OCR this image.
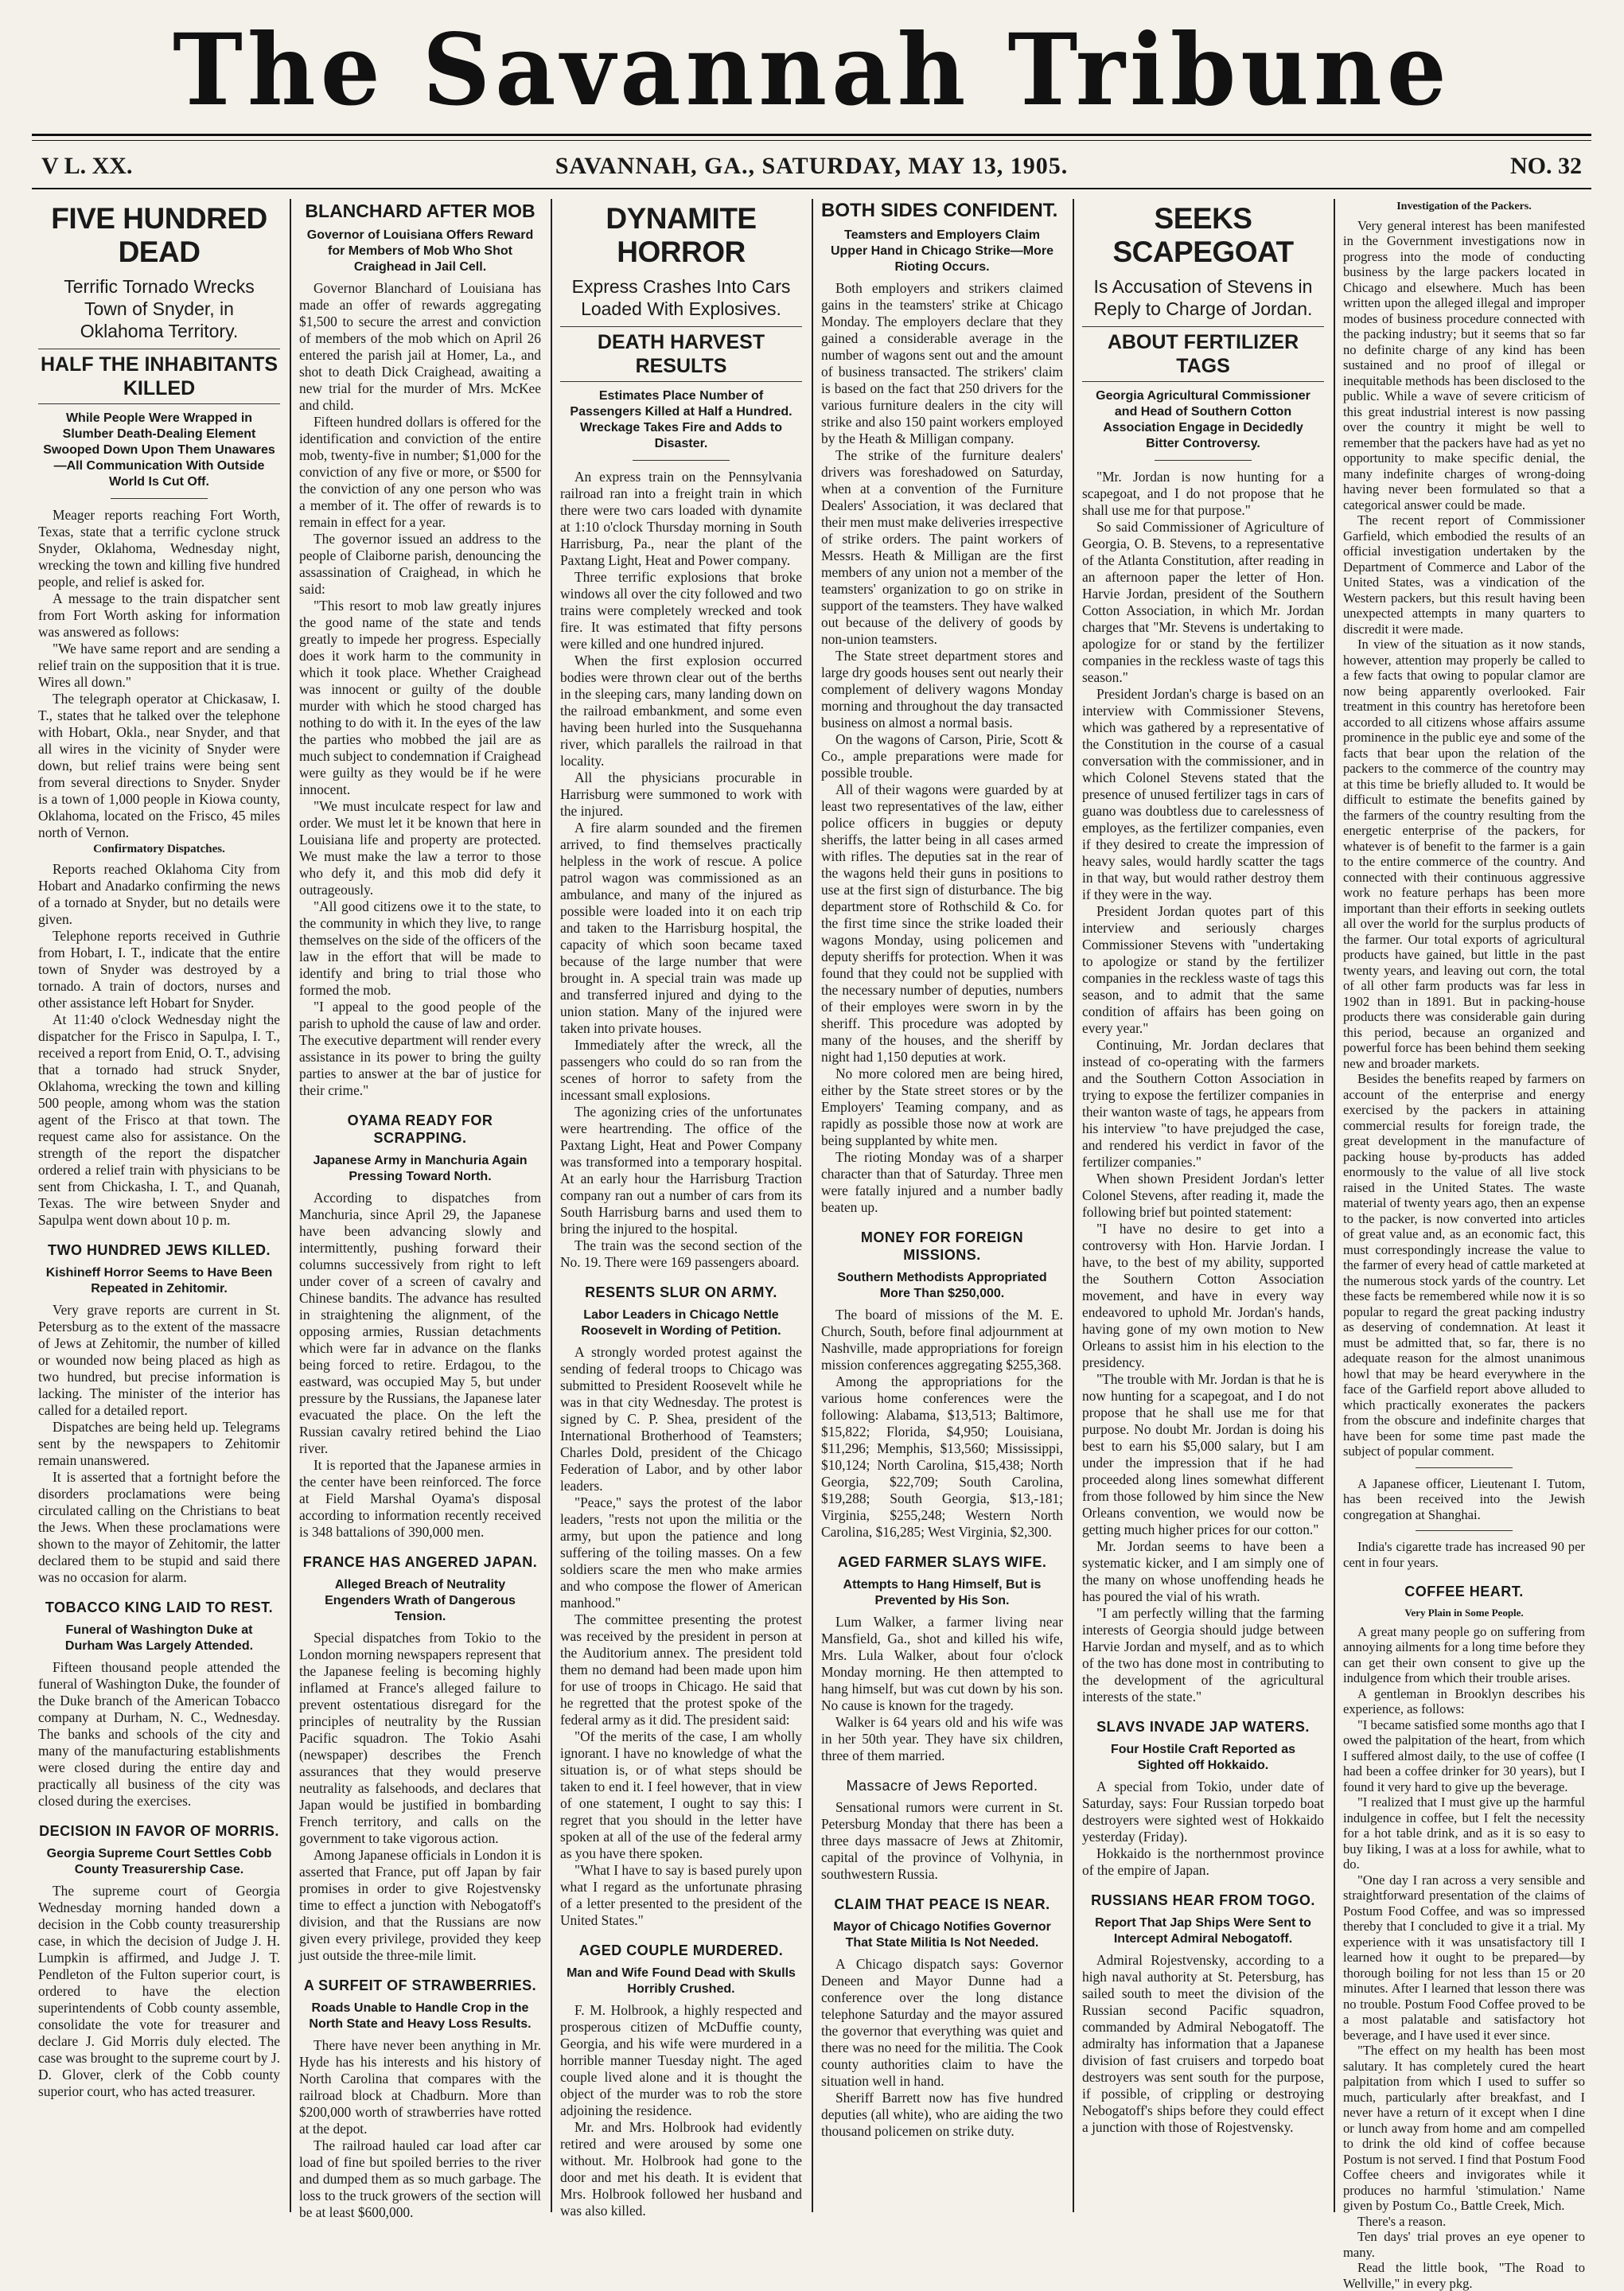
The Savannah Tribune
V L. XX.	SAVANNAH, GA., SATURDAY, MAY 13, 1905.	NO. 32
FIVE HUNDRED DEAD
Terrific Tornado Wrecks Town of Snyder, in Oklahoma Territory.
HALF THE INHABITANTS KILLED
While People Were Wrapped in Slumber Death-Dealing Element Swooped Down Upon Them Unawares—All Communication With Outside World Is Cut Off.

Meager reports reaching Fort Worth, Texas, state that a terrific cyclone struck Snyder, Oklahoma, Wednesday night, wrecking the town and killing five hundred people, and relief is asked for.

A message to the train dispatcher sent from Fort Worth asking for information was answered as follows:

"We have same report and are sending a relief train on the supposition that it is true. Wires all down."

The telegraph operator at Chickasaw, I. T., states that he talked over the telephone with Hobart, Okla., near Snyder, and that all wires in the vicinity of Snyder were down, but relief trains were being sent from several directions to Snyder. Snyder is a town of 1,000 people in Kiowa county, Oklahoma, located on the Frisco, 45 miles north of Vernon.

Confirmatory Dispatches.

Reports reached Oklahoma City from Hobart and Anadarko confirming the news of a tornado at Snyder, but no details were given.

Telephone reports received in Guthrie from Hobart, I. T., indicate that the entire town of Snyder was destroyed by a tornado. A train of doctors, nurses and other assistance left Hobart for Snyder.

At 11:40 o'clock Wednesday night the dispatcher for the Frisco in Sapulpa, I. T., received a report from Enid, O. T., advising that a tornado had struck Snyder, Oklahoma, wrecking the town and killing 500 people, among whom was the station agent of the Frisco at that town. The request came also for assistance. On the strength of the report the dispatcher ordered a relief train with physicians to be sent from Chickasha, I. T., and Quanah, Texas. The wire between Snyder and Sapulpa went down about 10 p. m.

TWO HUNDRED JEWS KILLED.
Kishineff Horror Seems to Have Been Repeated in Zehitomir.

Very grave reports are current in St. Petersburg as to the extent of the massacre of Jews at Zehitomir, the number of killed or wounded now being placed as high as two hundred, but precise information is lacking. The minister of the interior has called for a detailed report.

Dispatches are being held up. Telegrams sent by the newspapers to Zehitomir remain unanswered.

It is asserted that a fortnight before the disorders proclamations were being circulated calling on the Christians to beat the Jews. When these proclamations were shown to the mayor of Zehitomir, the latter declared them to be stupid and said there was no occasion for alarm.

TOBACCO KING LAID TO REST.
Funeral of Washington Duke at Durham Was Largely Attended.

Fifteen thousand people attended the funeral of Washington Duke, the founder of the Duke branch of the American Tobacco company at Durham, N. C., Wednesday. The banks and schools of the city and many of the manufacturing establishments were closed during the entire day and practically all business of the city was closed during the exercises.

DECISION IN FAVOR OF MORRIS.
Georgia Supreme Court Settles Cobb County Treasurership Case.

The supreme court of Georgia Wednesday morning handed down a decision in the Cobb county treasurership case, in which the decision of Judge J. H. Lumpkin is affirmed, and Judge J. T. Pendleton of the Fulton superior court, is ordered to have the election superintendents of Cobb county assemble, consolidate the vote for treasurer and declare J. Gid Morris duly elected. The case was brought to the supreme court by J. D. Glover, clerk of the Cobb county superior court, who has acted treasurer.

BLANCHARD AFTER MOB
Governor of Louisiana Offers Reward for Members of Mob Who Shot Craighead in Jail Cell.

Governor Blanchard of Louisiana has made an offer of rewards aggregating $1,500 to secure the arrest and conviction of members of the mob which on April 26 entered the parish jail at Homer, La., and shot to death Dick Craighead, awaiting a new trial for the murder of Mrs. McKee and child.

Fifteen hundred dollars is offered for the identification and conviction of the entire mob, twenty-five in number; $1,000 for the conviction of any five or more, or $500 for the conviction of any one person who was a member of it. The offer of rewards is to remain in effect for a year.

The governor issued an address to the people of Claiborne parish, denouncing the assassination of Craighead, in which he said:

"This resort to mob law greatly injures the good name of the state and tends greatly to impede her progress. Especially does it work harm to the community in which it took place. Whether Craighead was innocent or guilty of the double murder with which he stood charged has nothing to do with it. In the eyes of the law the parties who mobbed the jail are as much subject to condemnation if Craighead were guilty as they would be if he were innocent.

"We must inculcate respect for law and order. We must let it be known that here in Louisiana life and property are protected. We must make the law a terror to those who defy it, and this mob did defy it outrageously.

"All good citizens owe it to the state, to the community in which they live, to range themselves on the side of the officers of the law in the effort that will be made to identify and bring to trial those who formed the mob.

"I appeal to the good people of the parish to uphold the cause of law and order. The executive department will render every assistance in its power to bring the guilty parties to answer at the bar of justice for their crime."

OYAMA READY FOR SCRAPPING.
Japanese Army in Manchuria Again Pressing Toward North.

According to dispatches from Manchuria, since April 29, the Japanese have been advancing slowly and intermittently, pushing forward their columns successively from right to left under cover of a screen of cavalry and Chinese bandits. The advance has resulted in straightening the alignment, of the opposing armies, Russian detachments which were far in advance on the flanks being forced to retire. Erdagou, to the eastward, was occupied May 5, but under pressure by the Russians, the Japanese later evacuated the place. On the left the Russian cavalry retired behind the Liao river.

It is reported that the Japanese armies in the center have been reinforced. The force at Field Marshal Oyama's disposal according to information recently received is 348 battalions of 390,000 men.

FRANCE HAS ANGERED JAPAN.
Alleged Breach of Neutrality Engenders Wrath of Dangerous Tension.

Special dispatches from Tokio to the London morning newspapers represent that the Japanese feeling is becoming highly inflamed at France's alleged failure to prevent ostentatious disregard for the principles of neutrality by the Russian Pacific squadron. The Tokio Asahi (newspaper) describes the French assurances that they would preserve neutrality as falsehoods, and declares that Japan would be justified in bombarding French territory, and calls on the government to take vigorous action.

Among Japanese officials in London it is asserted that France, put off Japan by fair promises in order to give Rojestvensky time to effect a junction with Nebogatoff's division, and that the Russians are now given every privilege, provided they keep just outside the three-mile limit.

A SURFEIT OF STRAWBERRIES.
Roads Unable to Handle Crop in the North State and Heavy Loss Results.

There have never been anything in Mr. Hyde has his interests and his history of North Carolina that compares with the railroad block at Chadburn. More than $200,000 worth of strawberries have rotted at the depot.

The railroad hauled car load after car load of fine but spoiled berries to the river and dumped them as so much garbage. The loss to the truck growers of the section will be at least $600,000.

DYNAMITE HORROR
Express Crashes Into Cars Loaded With Explosives.
DEATH HARVEST RESULTS
Estimates Place Number of Passengers Killed at Half a Hundred. Wreckage Takes Fire and Adds to Disaster.

An express train on the Pennsylvania railroad ran into a freight train in which there were two cars loaded with dynamite at 1:10 o'clock Thursday morning in South Harrisburg, Pa., near the plant of the Paxtang Light, Heat and Power company.

Three terrific explosions that broke windows all over the city followed and two trains were completely wrecked and took fire. It was estimated that fifty persons were killed and one hundred injured.

When the first explosion occurred bodies were thrown clear out of the berths in the sleeping cars, many landing down on the railroad embankment, and some even having been hurled into the Susquehanna river, which parallels the railroad in that locality.

All the physicians procurable in Harrisburg were summoned to work with the injured.

A fire alarm sounded and the firemen arrived, to find themselves practically helpless in the work of rescue. A police patrol wagon was commissioned as an ambulance, and many of the injured as possible were loaded into it on each trip and taken to the Harrisburg hospital, the capacity of which soon became taxed because of the large number that were brought in. A special train was made up and transferred injured and dying to the union station. Many of the injured were taken into private houses.

Immediately after the wreck, all the passengers who could do so ran from the scenes of horror to safety from the incessant small explosions.

The agonizing cries of the unfortunates were heartrending. The office of the Paxtang Light, Heat and Power Company was transformed into a temporary hospital. At an early hour the Harrisburg Traction company ran out a number of cars from its South Harrisburg barns and used them to bring the injured to the hospital.

The train was the second section of the No. 19. There were 169 passengers aboard.

RESENTS SLUR ON ARMY.
Labor Leaders in Chicago Nettle Roosevelt in Wording of Petition.

A strongly worded protest against the sending of federal troops to Chicago was submitted to President Roosevelt while he was in that city Wednesday. The protest is signed by C. P. Shea, president of the International Brotherhood of Teamsters; Charles Dold, president of the Chicago Federation of Labor, and by other labor leaders.

"Peace," says the protest of the labor leaders, "rests not upon the militia or the army, but upon the patience and long suffering of the toiling masses. On a few soldiers scare the men who make armies and who compose the flower of American manhood."

The committee presenting the protest was received by the president in person at the Auditorium annex. The president told them no demand had been made upon him for use of troops in Chicago. He said that he regretted that the protest spoke of the federal army as it did. The president said:

"Of the merits of the case, I am wholly ignorant. I have no knowledge of what the situation is, or of what steps should be taken to end it. I feel however, that in view of one statement, I ought to say this: I regret that you should in the letter have spoken at all of the use of the federal army as you have there spoken.

"What I have to say is based purely upon what I regard as the unfortunate phrasing of a letter presented to the president of the United States."

AGED COUPLE MURDERED.
Man and Wife Found Dead with Skulls Horribly Crushed.

F. M. Holbrook, a highly respected and prosperous citizen of McDuffie county, Georgia, and his wife were murdered in a horrible manner Tuesday night. The aged couple lived alone and it is thought the object of the murder was to rob the store adjoining the residence.

Mr. and Mrs. Holbrook had evidently retired and were aroused by some one without. Mr. Holbrook had gone to the door and met his death. It is evident that Mrs. Holbrook followed her husband and was also killed.

BOTH SIDES CONFIDENT.
Teamsters and Employers Claim Upper Hand in Chicago Strike—More Rioting Occurs.

Both employers and strikers claimed gains in the teamsters' strike at Chicago Monday. The employers declare that they gained a considerable average in the number of wagons sent out and the amount of business transacted. The strikers' claim is based on the fact that 250 drivers for the various furniture dealers in the city will strike and also 150 paint workers employed by the Heath & Milligan company.

The strike of the furniture dealers' drivers was foreshadowed on Saturday, when at a convention of the Furniture Dealers' Association, it was declared that their men must make deliveries irrespective of strike orders. The paint workers of Messrs. Heath & Milligan are the first members of any union not a member of the teamsters' organization to go on strike in support of the teamsters. They have walked out because of the delivery of goods by non-union teamsters.

The State street department stores and large dry goods houses sent out nearly their complement of delivery wagons Monday morning and throughout the day transacted business on almost a normal basis.

On the wagons of Carson, Pirie, Scott & Co., ample preparations were made for possible trouble.

All of their wagons were guarded by at least two representatives of the law, either police officers in buggies or deputy sheriffs, the latter being in all cases armed with rifles. The deputies sat in the rear of the wagons held their guns in positions to use at the first sign of disturbance. The big department store of Rothschild & Co. for the first time since the strike loaded their wagons Monday, using policemen and deputy sheriffs for protection. When it was found that they could not be supplied with the necessary number of deputies, numbers of their employes were sworn in by the sheriff. This procedure was adopted by many of the houses, and the sheriff by night had 1,150 deputies at work.

No more colored men are being hired, either by the State street stores or by the Employers' Teaming company, and as rapidly as possible those now at work are being supplanted by white men.

The rioting Monday was of a sharper character than that of Saturday. Three men were fatally injured and a number badly beaten up.

MONEY FOR FOREIGN MISSIONS.
Southern Methodists Appropriated More Than $250,000.

The board of missions of the M. E. Church, South, before final adjournment at Nashville, made appropriations for foreign mission conferences aggregating $255,368.

Among the appropriations for the various home conferences were the following: Alabama, $13,513; Baltimore, $15,822; Florida, $4,950; Louisiana, $11,296; Memphis, $13,560; Mississippi, $10,124; North Carolina, $15,438; North Georgia, $22,709; South Carolina, $19,288; South Georgia, $13,-181; Virginia, $255,248; Western North Carolina, $16,285; West Virginia, $2,300.

AGED FARMER SLAYS WIFE.
Attempts to Hang Himself, But is Prevented by His Son.

Lum Walker, a farmer living near Mansfield, Ga., shot and killed his wife, Mrs. Lula Walker, about four o'clock Monday morning. He then attempted to hang himself, but was cut down by his son. No cause is known for the tragedy.

Walker is 64 years old and his wife was in her 50th year. They have six children, three of them married.

Massacre of Jews Reported.

Sensational rumors were current in St. Petersburg Monday that there has been a three days massacre of Jews at Zhitomir, capital of the province of Volhynia, in southwestern Russia.

CLAIM THAT PEACE IS NEAR.
Mayor of Chicago Notifies Governor That State Militia Is Not Needed.

A Chicago dispatch says: Governor Deneen and Mayor Dunne had a conference over the long distance telephone Saturday and the mayor assured the governor that everything was quiet and there was no need for the militia. The Cook county authorities claim to have the situation well in hand.

Sheriff Barrett now has five hundred deputies (all white), who are aiding the two thousand policemen on strike duty.

SEEKS SCAPEGOAT
Is Accusation of Stevens in Reply to Charge of Jordan.
ABOUT FERTILIZER TAGS
Georgia Agricultural Commissioner and Head of Southern Cotton Association Engage in Decidedly Bitter Controversy.

"Mr. Jordan is now hunting for a scapegoat, and I do not propose that he shall use me for that purpose."

So said Commissioner of Agriculture of Georgia, O. B. Stevens, to a representative of the Atlanta Constitution, after reading in an afternoon paper the letter of Hon. Harvie Jordan, president of the Southern Cotton Association, in which Mr. Jordan charges that "Mr. Stevens is undertaking to apologize for or stand by the fertilizer companies in the reckless waste of tags this season."

President Jordan's charge is based on an interview with Commissioner Stevens, which was gathered by a representative of the Constitution in the course of a casual conversation with the commissioner, and in which Colonel Stevens stated that the presence of unused fertilizer tags in cars of guano was doubtless due to carelessness of employes, as the fertilizer companies, even if they desired to create the impression of heavy sales, would hardly scatter the tags in that way, but would rather destroy them if they were in the way.

President Jordan quotes part of this interview and seriously charges Commissioner Stevens with "undertaking to apologize or stand by the fertilizer companies in the reckless waste of tags this season, and to admit that the same condition of affairs has been going on every year."

Continuing, Mr. Jordan declares that instead of co-operating with the farmers and the Southern Cotton Association in trying to expose the fertilizer companies in their wanton waste of tags, he appears from his interview "to have prejudged the case, and rendered his verdict in favor of the fertilizer companies."

When shown President Jordan's letter Colonel Stevens, after reading it, made the following brief but pointed statement:

"I have no desire to get into a controversy with Hon. Harvie Jordan. I have, to the best of my ability, supported the Southern Cotton Association movement, and have in every way endeavored to uphold Mr. Jordan's hands, having gone of my own motion to New Orleans to assist him in his election to the presidency.

"The trouble with Mr. Jordan is that he is now hunting for a scapegoat, and I do not propose that he shall use me for that purpose. No doubt Mr. Jordan is doing his best to earn his $5,000 salary, but I am under the impression that if he had proceeded along lines somewhat different from those followed by him since the New Orleans convention, we would now be getting much higher prices for our cotton."

Mr. Jordan seems to have been a systematic kicker, and I am simply one of the many on whose unoffending heads he has poured the vial of his wrath.

"I am perfectly willing that the farming interests of Georgia should judge between Harvie Jordan and myself, and as to which of the two has done most in contributing to the development of the agricultural interests of the state."

SLAVS INVADE JAP WATERS.
Four Hostile Craft Reported as Sighted off Hokkaido.

A special from Tokio, under date of Saturday, says: Four Russian torpedo boat destroyers were sighted west of Hokkaido yesterday (Friday).

Hokkaido is the northernmost province of the empire of Japan.

RUSSIANS HEAR FROM TOGO.
Report That Jap Ships Were Sent to Intercept Admiral Nebogatoff.

Admiral Rojestvensky, according to a high naval authority at St. Petersburg, has sailed south to meet the division of the Russian second Pacific squadron, commanded by Admiral Nebogatoff. The admiralty has information that a Japanese division of fast cruisers and torpedo boat destroyers was sent south for the purpose, if possible, of crippling or destroying Nebogatoff's ships before they could effect a junction with those of Rojestvensky.

Investigation of the Packers.

Very general interest has been manifested in the Government investigations now in progress into the mode of conducting business by the large packers located in Chicago and elsewhere. Much has been written upon the alleged illegal and improper modes of business procedure connected with the packing industry; but it seems that so far no definite charge of any kind has been sustained and no proof of illegal or inequitable methods has been disclosed to the public. While a wave of severe criticism of this great industrial interest is now passing over the country it might be well to remember that the packers have had as yet no opportunity to make specific denial, the many indefinite charges of wrong-doing having never been formulated so that a categorical answer could be made.

The recent report of Commissioner Garfield, which embodied the results of an official investigation undertaken by the Department of Commerce and Labor of the United States, was a vindication of the Western packers, but this result having been unexpected attempts in many quarters to discredit it were made.

In view of the situation as it now stands, however, attention may properly be called to a few facts that owing to popular clamor are now being apparently overlooked. Fair treatment in this country has heretofore been accorded to all citizens whose affairs assume prominence in the public eye and some of the facts that bear upon the relation of the packers to the commerce of the country may at this time be briefly alluded to. It would be difficult to estimate the benefits gained by the farmers of the country resulting from the energetic enterprise of the packers, for whatever is of benefit to the farmer is a gain to the entire commerce of the country. And connected with their continuous aggressive work no feature perhaps has been more important than their efforts in seeking outlets all over the world for the surplus products of the farmer. Our total exports of agricultural products have gained, but little in the past twenty years, and leaving out corn, the total of all other farm products was far less in 1902 than in 1891. But in packing-house products there was considerable gain during this period, because an organized and powerful force has been behind them seeking new and broader markets.

Besides the benefits reaped by farmers on account of the enterprise and energy exercised by the packers in attaining commercial results for foreign trade, the great development in the manufacture of packing house by-products has added enormously to the value of all live stock raised in the United States. The waste material of twenty years ago, then an expense to the packer, is now converted into articles of great value and, as an economic fact, this must correspondingly increase the value to the farmer of every head of cattle marketed at the numerous stock yards of the country. Let these facts be remembered while now it is so popular to regard the great packing industry as deserving of condemnation. At least it must be admitted that, so far, there is no adequate reason for the almost unanimous howl that may be heard everywhere in the face of the Garfield report above alluded to which practically exonerates the packers from the obscure and indefinite charges that have been for some time past made the subject of popular comment.

A Japanese officer, Lieutenant I. Tutom, has been received into the Jewish congregation at Shanghai.

India's cigarette trade has increased 90 per cent in four years.

COFFEE HEART.
Very Plain in Some People.

A great many people go on suffering from annoying ailments for a long time before they can get their own consent to give up the indulgence from which their trouble arises.

A gentleman in Brooklyn describes his experience, as follows:

"I became satisfied some months ago that I owed the palpitation of the heart, from which I suffered almost daily, to the use of coffee (I had been a coffee drinker for 30 years), but I found it very hard to give up the beverage.

"I realized that I must give up the harmful indulgence in coffee, but I felt the necessity for a hot table drink, and as it is so easy to buy Iiking, I was at a loss for awhile, what to do.

"One day I ran across a very sensible and straightforward presentation of the claims of Postum Food Coffee, and was so impressed thereby that I concluded to give it a trial. My experience with it was unsatisfactory till I learned how it ought to be prepared—by thorough boiling for not less than 15 or 20 minutes. After I learned that lesson there was no trouble. Postum Food Coffee proved to be a most palatable and satisfactory hot beverage, and I have used it ever since.

"The effect on my health has been most salutary. It has completely cured the heart palpitation from which I used to suffer so much, particularly after breakfast, and I never have a return of it except when I dine or lunch away from home and am compelled to drink the old kind of coffee because Postum is not served. I find that Postum Food Coffee cheers and invigorates while it produces no harmful 'stimulation.' Name given by Postum Co., Battle Creek, Mich.

There's a reason.

Ten days' trial proves an eye opener to many.

Read the little book, "The Road to Wellville," in every pkg.
